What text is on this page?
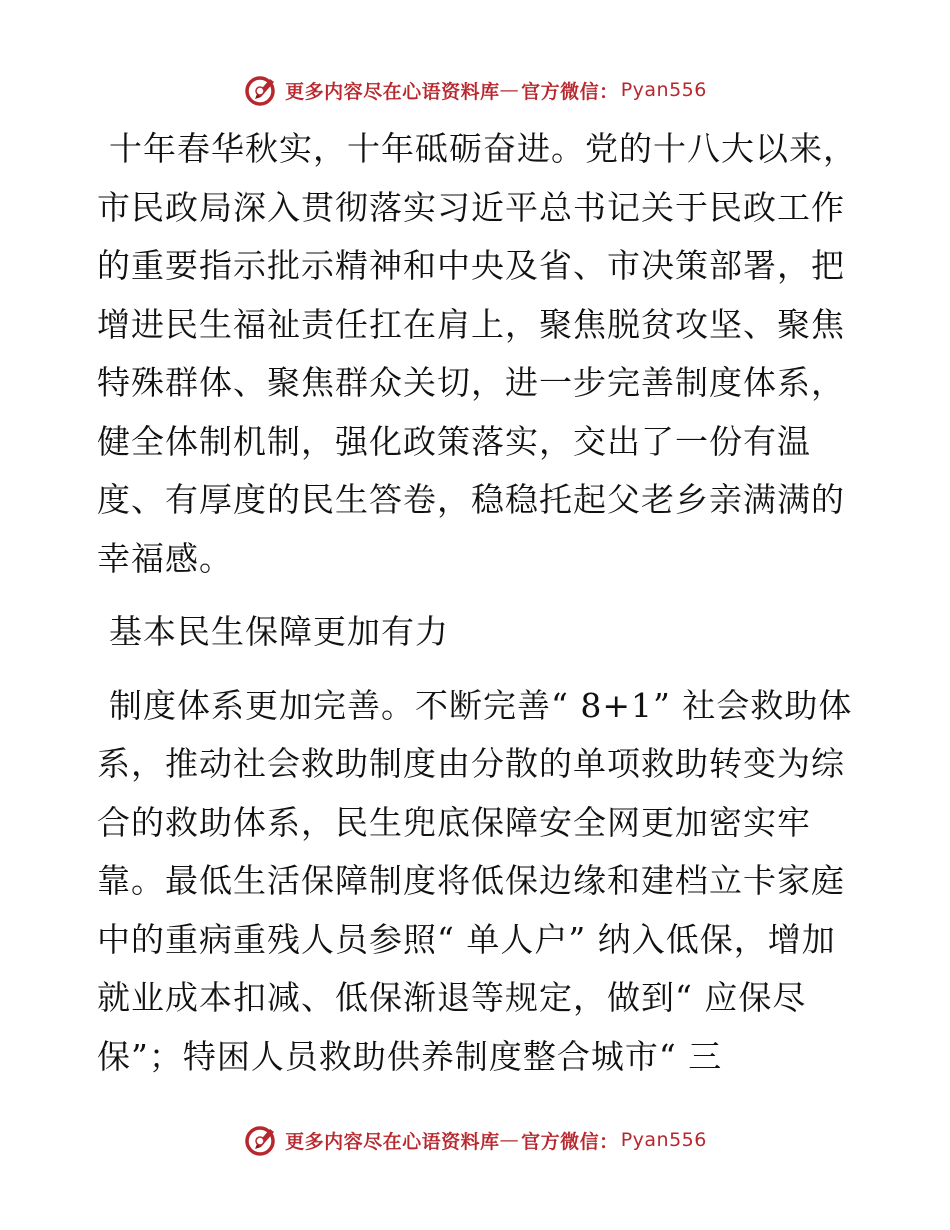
更多内容尽在心语资料库 — 官方微信： Pyan556

十年春华秋实，十年砥砺奋进。党的十八大以来，市民政局深入贯彻落实习近平总书记关于民政工作的重要指示批示精神和中央及省、市决策部署，把增进民生福祉责任扛在肩上，聚焦脱贫攻坚、聚焦特殊群体、聚焦群众关切，进一步完善制度体系，健全体制机制，强化政策落实，交出了一份有温度、有厚度的民生答卷，稳稳托起父老乡亲满满的幸福感。

基本民生保障更加有力

制度体系更加完善。不断完善“ 8+1” 社会救助体系，推动社会救助制度由分散的单项救助转变为综合的救助体系，民生兜底保障安全网更加密实牢靠。最低生活保障制度将低保边缘和建档立卡家庭中的重病重残人员参照“ 单人户” 纳入低保，增加就业成本扣减、低保渐退等规定，做到“ 应保尽保”；特困人员救助供养制度整合城市“ 三

更多内容尽在心语资料库 — 官方微信： Pyan556
